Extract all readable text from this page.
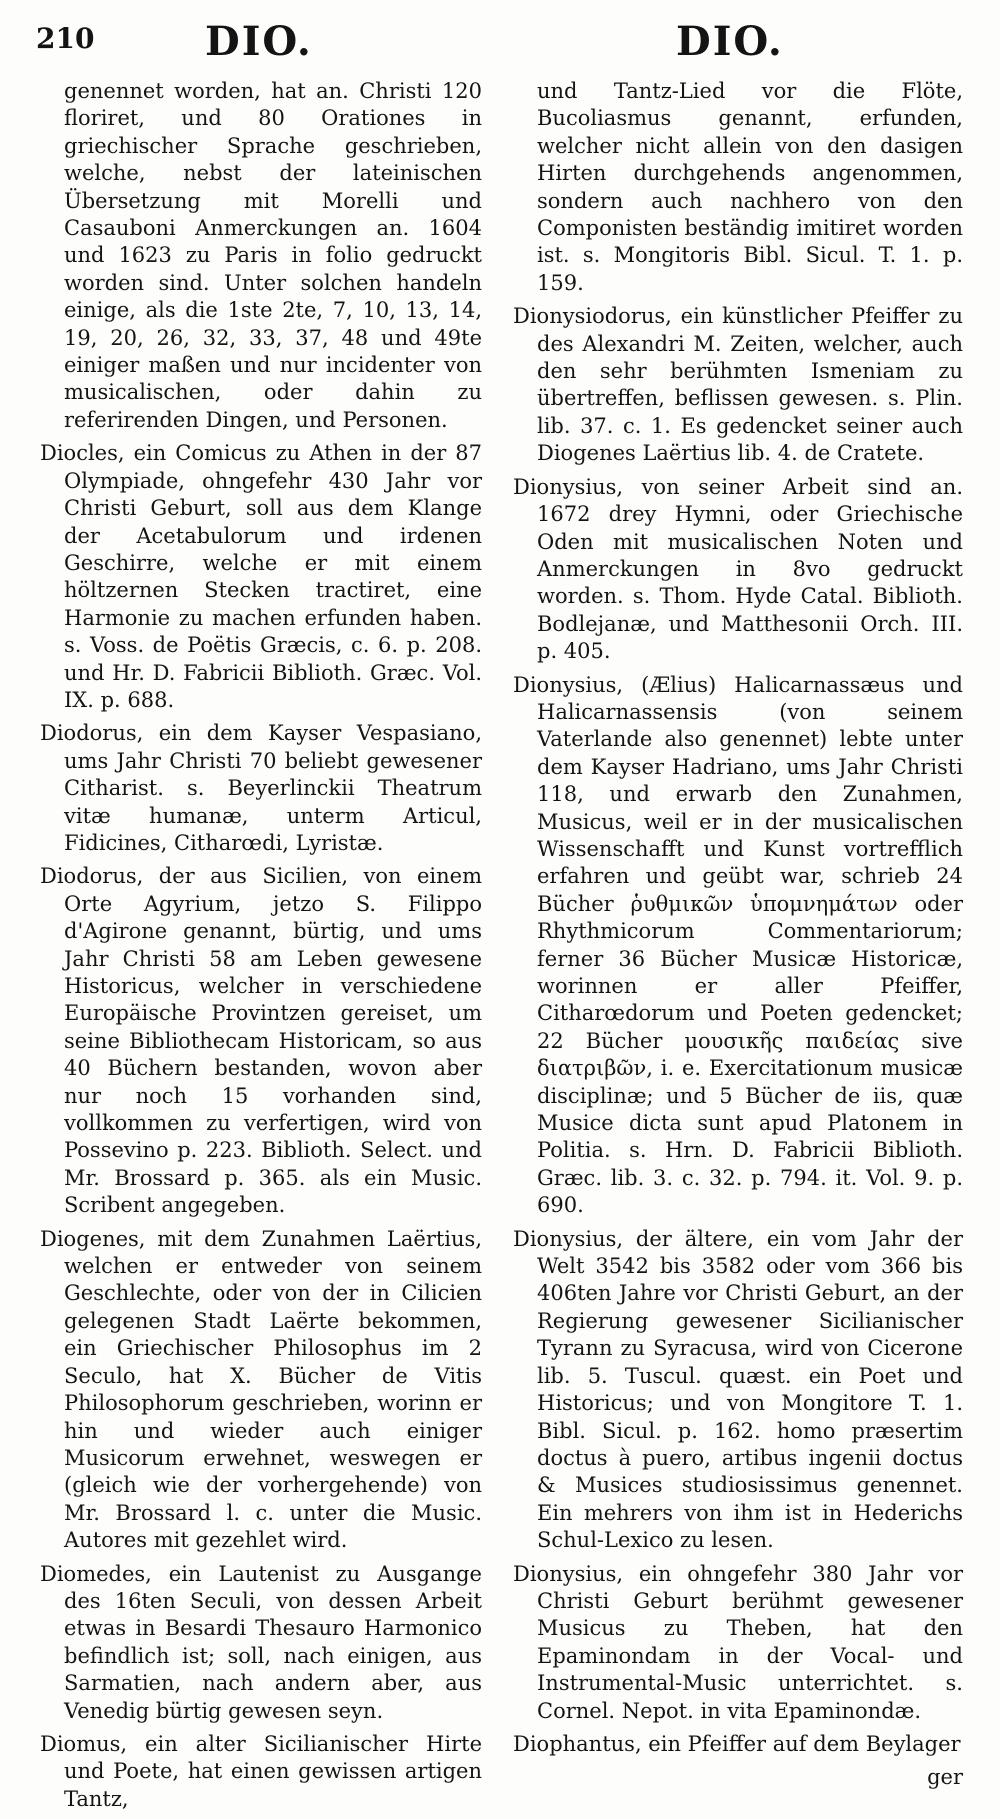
210	DIO.	DIO.

genennet worden, hat an. Christi 120 floriret, und 80 Orationes in griechischer Sprache geschrieben, welche, nebst der lateinischen Übersetzung mit Morelli und Casauboni Anmerckungen an. 1604 und 1623 zu Paris in folio gedruckt worden sind. Unter solchen handeln einige, als die 1ste 2te, 7, 10, 13, 14, 19, 20, 26, 32, 33, 37, 48 und 49te einiger maßen und nur incidenter von musicalischen, oder dahin zu referirenden Dingen, und Personen.

Diocles, ein Comicus zu Athen in der 87 Olympiade, ohngefehr 430 Jahr vor Christi Geburt, soll aus dem Klange der Acetabulorum und irdenen Geschirre, welche er mit einem höltzernen Stecken tractiret, eine Harmonie zu machen erfunden haben. s. Voss. de Poëtis Græcis, c. 6. p. 208. und Hr. D. Fabricii Biblioth. Græc. Vol. IX. p. 688.

Diodorus, ein dem Kayser Vespasiano, ums Jahr Christi 70 beliebt gewesener Citharist. s. Beyerlinckii Theatrum vitæ humanæ, unterm Articul, Fidicines, Citharœdi, Lyristæ.

Diodorus, der aus Sicilien, von einem Orte Agyrium, jetzo S. Filippo d'Agirone genannt, bürtig, und ums Jahr Christi 58 am Leben gewesene Historicus, welcher in verschiedene Europäische Provintzen gereiset, um seine Bibliothecam Historicam, so aus 40 Büchern bestanden, wovon aber nur noch 15 vorhanden sind, vollkommen zu verfertigen, wird von Possevino p. 223. Biblioth. Select. und Mr. Brossard p. 365. als ein Music. Scribent angegeben.

Diogenes, mit dem Zunahmen Laërtius, welchen er entweder von seinem Geschlechte, oder von der in Cilicien gelegenen Stadt Laërte bekommen, ein Griechischer Philosophus im 2 Seculo, hat X. Bücher de Vitis Philosophorum geschrieben, worinn er hin und wieder auch einiger Musicorum erwehnet, weswegen er (gleich wie der vorhergehende) von Mr. Brossard l. c. unter die Music. Autores mit gezehlet wird.

Diomedes, ein Lautenist zu Ausgange des 16ten Seculi, von dessen Arbeit etwas in Besardi Thesauro Harmonico befindlich ist; soll, nach einigen, aus Sarmatien, nach andern aber, aus Venedig bürtig gewesen seyn.

Diomus, ein alter Sicilianischer Hirte und Poete, hat einen gewissen artigen Tantz,

und Tantz-Lied vor die Flöte, Bucoliasmus genannt, erfunden, welcher nicht allein von den dasigen Hirten durchgehends angenommen, sondern auch nachhero von den Componisten beständig imitiret worden ist. s. Mongitoris Bibl. Sicul. T. 1. p. 159.

Dionysiodorus, ein künstlicher Pfeiffer zu des Alexandri M. Zeiten, welcher, auch den sehr berühmten Ismeniam zu übertreffen, beflissen gewesen. s. Plin. lib. 37. c. 1. Es gedencket seiner auch Diogenes Laërtius lib. 4. de Cratete.

Dionysius, von seiner Arbeit sind an. 1672 drey Hymni, oder Griechische Oden mit musicalischen Noten und Anmerckungen in 8vo gedruckt worden. s. Thom. Hyde Catal. Biblioth. Bodlejanæ, und Matthesonii Orch. III. p. 405.

Dionysius, (Ælius) Halicarnassæus und Halicarnassensis (von seinem Vaterlande also genennet) lebte unter dem Kayser Hadriano, ums Jahr Christi 118, und erwarb den Zunahmen, Musicus, weil er in der musicalischen Wissenschafft und Kunst vortrefflich erfahren und geübt war, schrieb 24 Bücher ῥυθμικῶν ὑπομνημάτων oder Rhythmicorum Commentariorum; ferner 36 Bücher Musicæ Historicæ, worinnen er aller Pfeiffer, Citharœdorum und Poeten gedencket; 22 Bücher μουσικῆς παιδείας sive διατριβῶν, i. e. Exercitationum musicæ disciplinæ; und 5 Bücher de iis, quæ Musice dicta sunt apud Platonem in Politia. s. Hrn. D. Fabricii Biblioth. Græc. lib. 3. c. 32. p. 794. it. Vol. 9. p. 690.

Dionysius, der ältere, ein vom Jahr der Welt 3542 bis 3582 oder vom 366 bis 406ten Jahre vor Christi Geburt, an der Regierung gewesener Sicilianischer Tyrann zu Syracusa, wird von Cicerone lib. 5. Tuscul. quæst. ein Poet und Historicus; und von Mongitore T. 1. Bibl. Sicul. p. 162. homo præsertim doctus à puero, artibus ingenii doctus & Musices studiosissimus genennet. Ein mehrers von ihm ist in Hederichs Schul-Lexico zu lesen.

Dionysius, ein ohngefehr 380 Jahr vor Christi Geburt berühmt gewesener Musicus zu Theben, hat den Epaminondam in der Vocal- und Instrumental-Music unterrichtet. s. Cornel. Nepot. in vita Epaminondæ.

Diophantus, ein Pfeiffer auf dem Beylager

ger
